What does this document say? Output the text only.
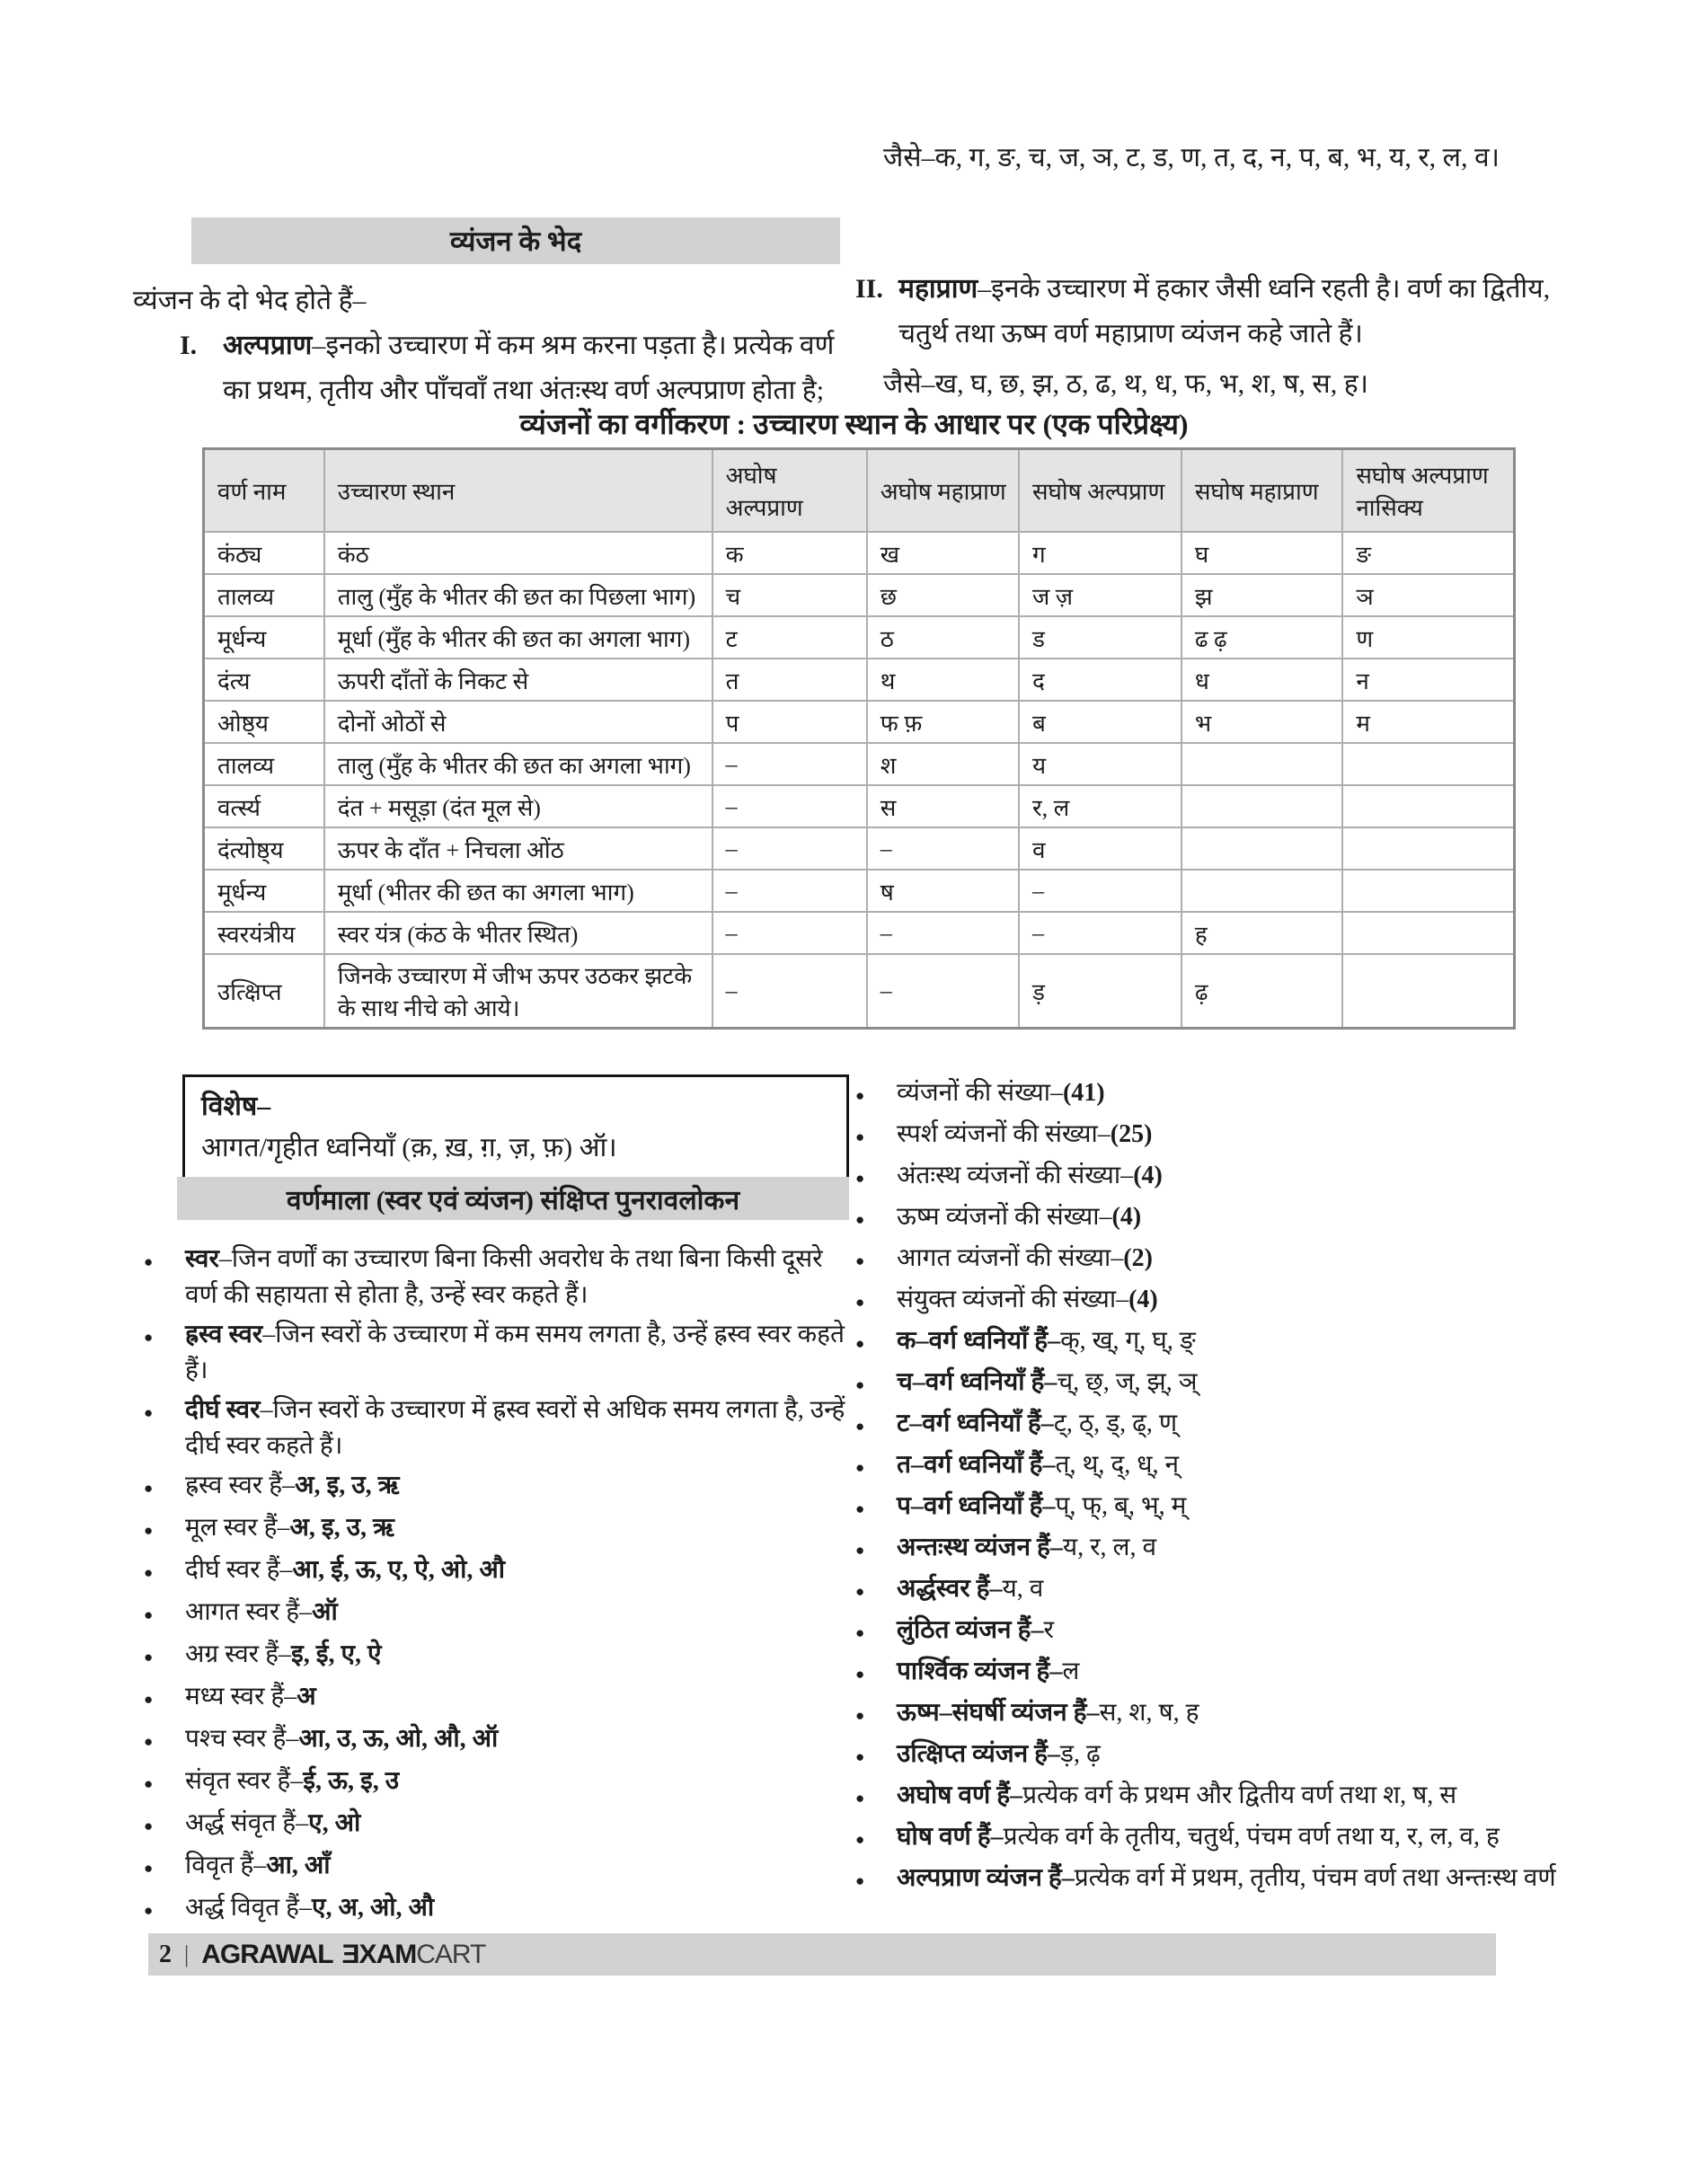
व्यंजन के भेद
व्यंजन के दो भेद होते हैं–
I. अल्पप्राण–इनको उच्चारण में कम श्रम करना पड़ता है। प्रत्येक वर्ण का प्रथम, तृतीय और पाँचवाँ तथा अंतःस्थ वर्ण अल्पप्राण होता है;
जैसे–क, ग, ङ, च, ज, ञ, ट, ड, ण, त, द, न, प, ब, भ, य, र, ल, व।
II. महाप्राण–इनके उच्चारण में हकार जैसी ध्वनि रहती है। वर्ण का द्वितीय, चतुर्थ तथा ऊष्म वर्ण महाप्राण व्यंजन कहे जाते हैं।
जैसे–ख, घ, छ, झ, ठ, ढ, थ, ध, फ, भ, श, ष, स, ह।
व्यंजनों का वर्गीकरण : उच्चारण स्थान के आधार पर (एक परिप्रेक्ष्य)
वर्ण नाम	उच्चारण स्थान	अघोष अल्पप्राण	अघोष महाप्राण	सघोष अल्पप्राण	सघोष महाप्राण	सघोष अल्पप्राण नासिक्य
कंठ्य	कंठ	क	ख	ग	घ	ङ
तालव्य	तालु (मुँह के भीतर की छत का पिछला भाग)	च	छ	ज ज़	झ	ञ
मूर्धन्य	मूर्धा (मुँह के भीतर की छत का अगला भाग)	ट	ठ	ड	ढ ढ़	ण
दंत्य	ऊपरी दाँतों के निकट से	त	थ	द	ध	न
ओष्ठ्य	दोनों ओठों से	प	फ फ़	ब	भ	म
तालव्य	तालु (मुँह के भीतर की छत का अगला भाग)	–	श	य		
वर्त्स्य	दंत + मसूड़ा (दंत मूल से)	–	स	र, ल		
दंत्योष्ठ्य	ऊपर के दाँत + निचला ओंठ	–	–	व		
मूर्धन्य	मूर्धा (भीतर की छत का अगला भाग)	–	ष	–		
स्वरयंत्रीय	स्वर यंत्र (कंठ के भीतर स्थित)	–	–	–	ह	
उत्क्षिप्त	जिनके उच्चारण में जीभ ऊपर उठकर झटके के साथ नीचे को आये।	–	–	ड़	ढ़	
विशेष–
आगत/गृहीत ध्वनियाँ (क़, ख़, ग़, ज़, फ़) ऑ।
वर्णमाला (स्वर एवं व्यंजन) संक्षिप्त पुनरावलोकन
●	स्वर–जिन वर्णों का उच्चारण बिना किसी अवरोध के तथा बिना किसी दूसरे वर्ण की सहायता से होता है, उन्हें स्वर कहते हैं।
●	ह्रस्व स्वर–जिन स्वरों के उच्चारण में कम समय लगता है, उन्हें ह्रस्व स्वर कहते हैं।
●	दीर्घ स्वर–जिन स्वरों के उच्चारण में ह्रस्व स्वरों से अधिक समय लगता है, उन्हें दीर्घ स्वर कहते हैं।
●	ह्रस्व स्वर हैं–अ, इ, उ, ऋ
●	मूल स्वर हैं–अ, इ, उ, ऋ
●	दीर्घ स्वर हैं–आ, ई, ऊ, ए, ऐ, ओ, औ
●	आगत स्वर हैं–ऑ
●	अग्र स्वर हैं–इ, ई, ए, ऐ
●	मध्य स्वर हैं–अ
●	पश्च स्वर हैं–आ, उ, ऊ, ओ, औ, ऑ
●	संवृत स्वर हैं–ई, ऊ, इ, उ
●	अर्द्ध संवृत हैं–ए, ओ
●	विवृत हैं–आ, आँ
●	अर्द्ध विवृत हैं–ए, अ, ओ, औ
●	व्यंजनों की संख्या–(41)
●	स्पर्श व्यंजनों की संख्या–(25)
●	अंतःस्थ व्यंजनों की संख्या–(4)
●	ऊष्म व्यंजनों की संख्या–(4)
●	आगत व्यंजनों की संख्या–(2)
●	संयुक्त व्यंजनों की संख्या–(4)
●	क–वर्ग ध्वनियाँ हैं–क्, ख्, ग्, घ्, ङ्
●	च–वर्ग ध्वनियाँ हैं–च्, छ्, ज्, झ्, ञ्
●	ट–वर्ग ध्वनियाँ हैं–ट्, ठ्, ड्, ढ्, ण्
●	त–वर्ग ध्वनियाँ हैं–त्, थ्, द्, ध्, न्
●	प–वर्ग ध्वनियाँ हैं–प्, फ्, ब्, भ्, म्
●	अन्तःस्थ व्यंजन हैं–य, र, ल, व
●	अर्द्धस्वर हैं–य, व
●	लुंठित व्यंजन हैं–र
●	पार्श्विक व्यंजन हैं–ल
●	ऊष्म–संघर्षी व्यंजन हैं–स, श, ष, ह
●	उत्क्षिप्त व्यंजन हैं–ड़, ढ़
●	अघोष वर्ण हैं–प्रत्येक वर्ग के प्रथम और द्वितीय वर्ण तथा श, ष, स
●	घोष वर्ण हैं–प्रत्येक वर्ग के तृतीय, चतुर्थ, पंचम वर्ण तथा य, र, ल, व, ह
●	अल्पप्राण व्यंजन हैं–प्रत्येक वर्ग में प्रथम, तृतीय, पंचम वर्ण तथा अन्तःस्थ वर्ण
2 | AGRAWAL ƎXAMCART
